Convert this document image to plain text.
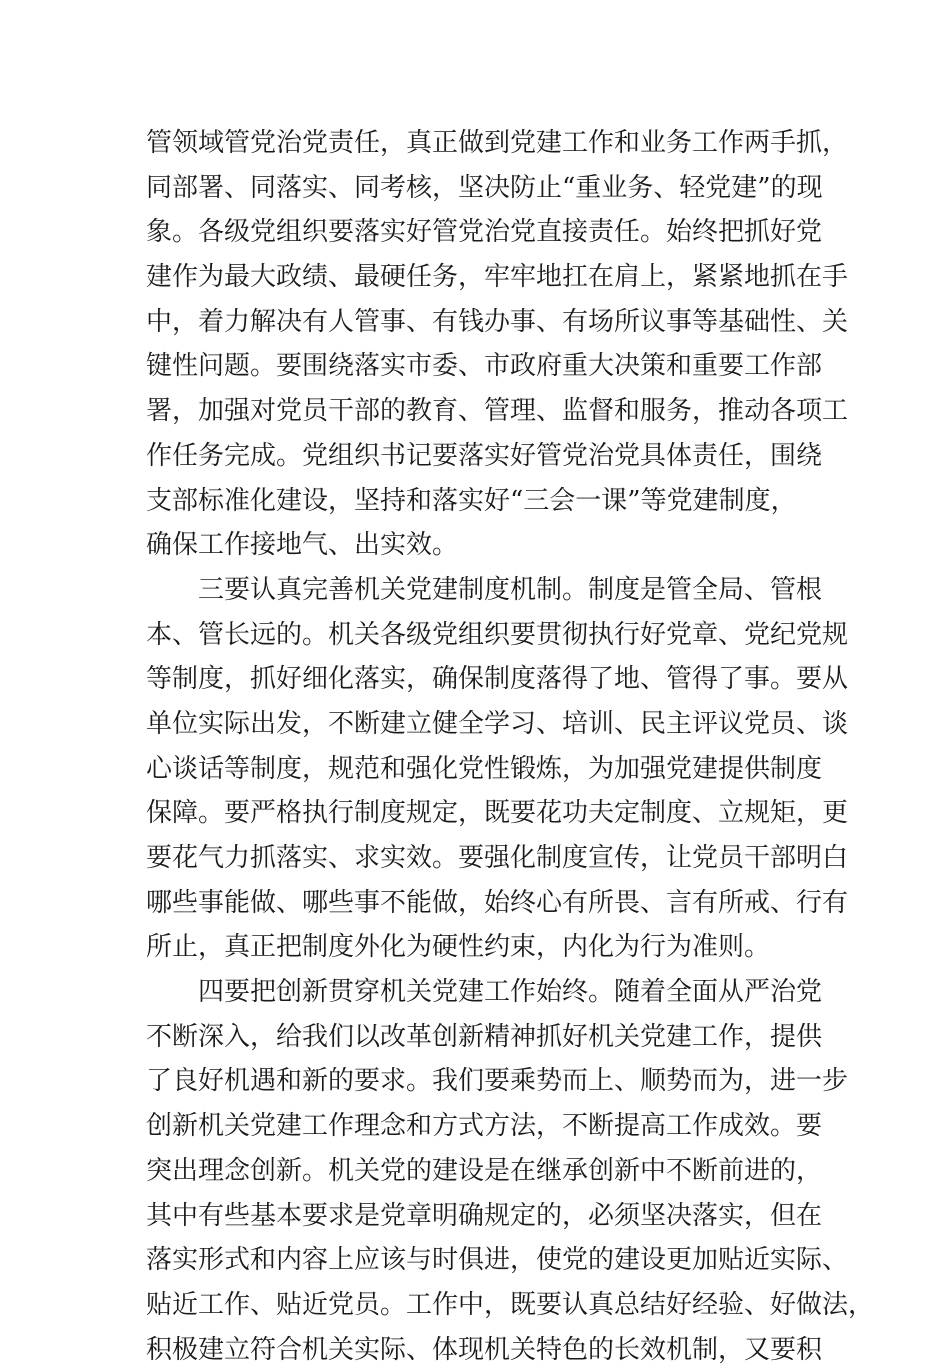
管领域管党治党责任，真正做到党建工作和业务工作两手抓，
同部署、同落实、同考核，坚决防止“重业务、轻党建”的现
象。各级党组织要落实好管党治党直接责任。始终把抓好党
建作为最大政绩、最硬任务，牢牢地扛在肩上，紧紧地抓在手
中，着力解决有人管事、有钱办事、有场所议事等基础性、关
键性问题。要围绕落实市委、市政府重大决策和重要工作部
署，加强对党员干部的教育、管理、监督和服务，推动各项工
作任务完成。党组织书记要落实好管党治党具体责任，围绕
支部标准化建设，坚持和落实好“三会一课”等党建制度，
确保工作接地气、出实效。
三要认真完善机关党建制度机制。制度是管全局、管根
本、管长远的。机关各级党组织要贯彻执行好党章、党纪党规
等制度，抓好细化落实，确保制度落得了地、管得了事。要从
单位实际出发，不断建立健全学习、培训、民主评议党员、谈
心谈话等制度，规范和强化党性锻炼，为加强党建提供制度
保障。要严格执行制度规定，既要花功夫定制度、立规矩，更
要花气力抓落实、求实效。要强化制度宣传，让党员干部明白
哪些事能做、哪些事不能做，始终心有所畏、言有所戒、行有
所止，真正把制度外化为硬性约束，内化为行为准则。
四要把创新贯穿机关党建工作始终。随着全面从严治党
不断深入，给我们以改革创新精神抓好机关党建工作，提供
了良好机遇和新的要求。我们要乘势而上、顺势而为，进一步
创新机关党建工作理念和方式方法，不断提高工作成效。要
突出理念创新。机关党的建设是在继承创新中不断前进的，
其中有些基本要求是党章明确规定的，必须坚决落实，但在
落实形式和内容上应该与时俱进，使党的建设更加贴近实际、
贴近工作、贴近党员。工作中，既要认真总结好经验、好做法，
积极建立符合机关实际、体现机关特色的长效机制，又要积
